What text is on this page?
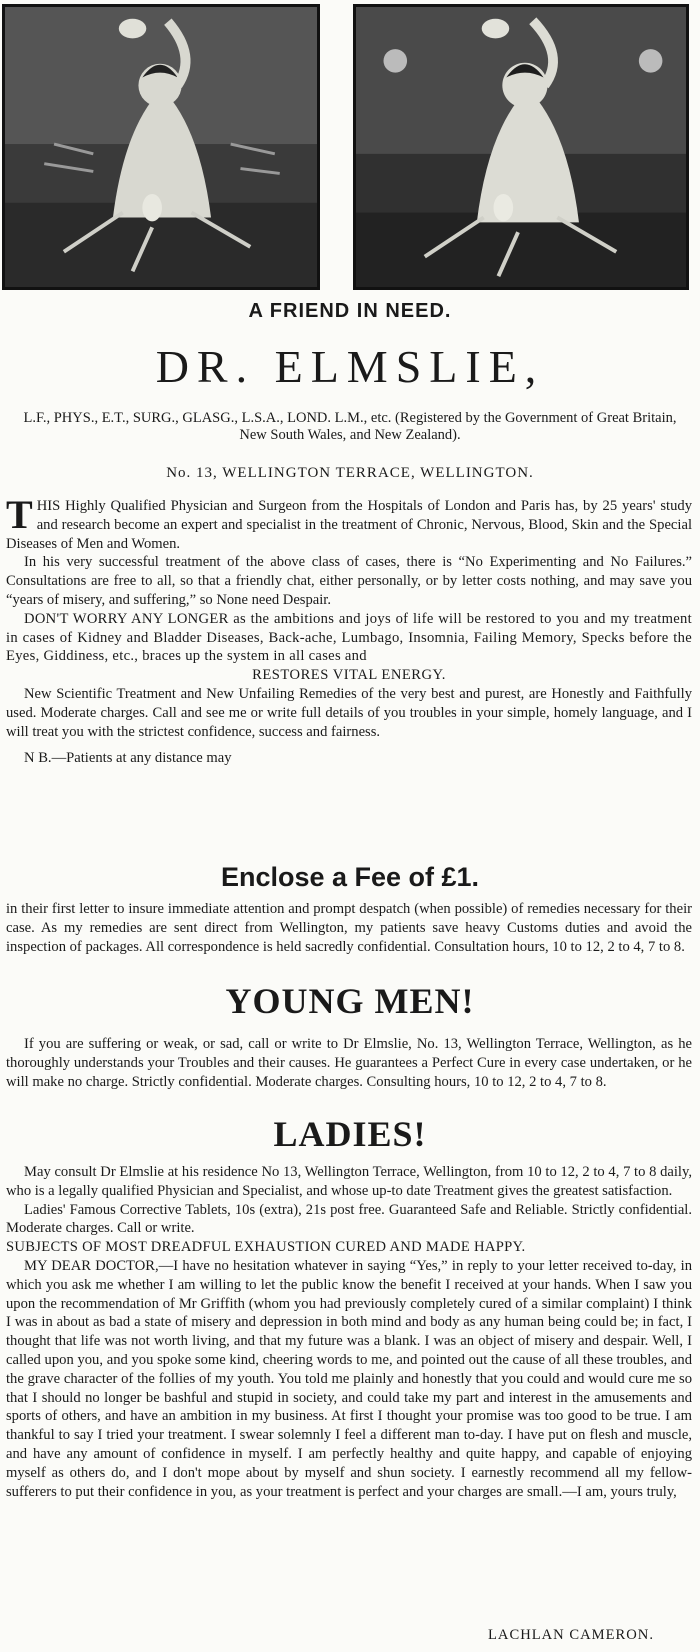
A FRIEND IN NEED.
DR. ELMSLIE,
L.F., PHYS., E.T., SURG., GLASG., L.S.A., LOND. L.M., etc. (Registered by the Government of Great Britain, New South Wales, and New Zealand).
No. 13, WELLINGTON TERRACE, WELLINGTON.

THIS Highly Qualified Physician and Surgeon from the Hospitals of London and Paris has, by 25 years' study and research become an expert and specialist in the treatment of Chronic, Nervous, Blood, Skin and the Special Diseases of Men and Women.

In his very successful treatment of the above class of cases, there is “No Experimenting and No Failures.” Consultations are free to all, so that a friendly chat, either personally, or by letter costs nothing, and may save you “years of misery, and suffering,” so None need Despair.

DON'T WORRY ANY LONGER as the ambitions and joys of life will be restored to you and my treatment in cases of Kidney and Bladder Diseases, Back-ache, Lumbago, Insomnia, Failing Memory, Specks before the Eyes, Giddiness, etc., braces up the system in all cases and

RESTORES VITAL ENERGY.

New Scientific Treatment and New Unfailing Remedies of the very best and purest, are Honestly and Faithfully used. Moderate charges. Call and see me or write full details of you troubles in your simple, homely language, and I will treat you with the strictest confidence, success and fairness.

N B.—Patients at any distance may

Enclose a Fee of £1.

in their first letter to insure immediate attention and prompt despatch (when possible) of remedies necessary for their case. As my remedies are sent direct from Wellington, my patients save heavy Customs duties and avoid the inspection of packages. All correspondence is held sacredly confidential. Consultation hours, 10 to 12, 2 to 4, 7 to 8.

YOUNG MEN!

If you are suffering or weak, or sad, call or write to Dr Elmslie, No. 13, Wellington Terrace, Wellington, as he thoroughly understands your Troubles and their causes. He guarantees a Perfect Cure in every case undertaken, or he will make no charge. Strictly confidential. Moderate charges. Consulting hours, 10 to 12, 2 to 4, 7 to 8.

LADIES!

May consult Dr Elmslie at his residence No 13, Wellington Terrace, Wellington, from 10 to 12, 2 to 4, 7 to 8 daily, who is a legally qualified Physician and Specialist, and whose up-to date Treatment gives the greatest satisfaction.

Ladies' Famous Corrective Tablets, 10s (extra), 21s post free. Guaranteed Safe and Reliable. Strictly confidential. Moderate charges. Call or write.

SUBJECTS OF MOST DREADFUL EXHAUSTION CURED AND MADE HAPPY.

MY DEAR DOCTOR,—I have no hesitation whatever in saying “Yes,” in reply to your letter received to-day, in which you ask me whether I am willing to let the public know the benefit I received at your hands. When I saw you upon the recommendation of Mr Griffith (whom you had previously completely cured of a similar complaint) I think I was in about as bad a state of misery and depression in both mind and body as any human being could be; in fact, I thought that life was not worth living, and that my future was a blank. I was an object of misery and despair. Well, I called upon you, and you spoke some kind, cheering words to me, and pointed out the cause of all these troubles, and the grave character of the follies of my youth. You told me plainly and honestly that you could and would cure me so that I should no longer be bashful and stupid in society, and could take my part and interest in the amusements and sports of others, and have an ambition in my business. At first I thought your promise was too good to be true. I am thankful to say I tried your treatment. I swear solemnly I feel a different man to-day. I have put on flesh and muscle, and have any amount of confidence in myself. I am perfectly healthy and quite happy, and capable of enjoying myself as others do, and I don't mope about by myself and shun society. I earnestly recommend all my fellow-sufferers to put their confidence in you, as your treatment is perfect and your charges are small.—I am, yours truly,

LACHLAN CAMERON.
